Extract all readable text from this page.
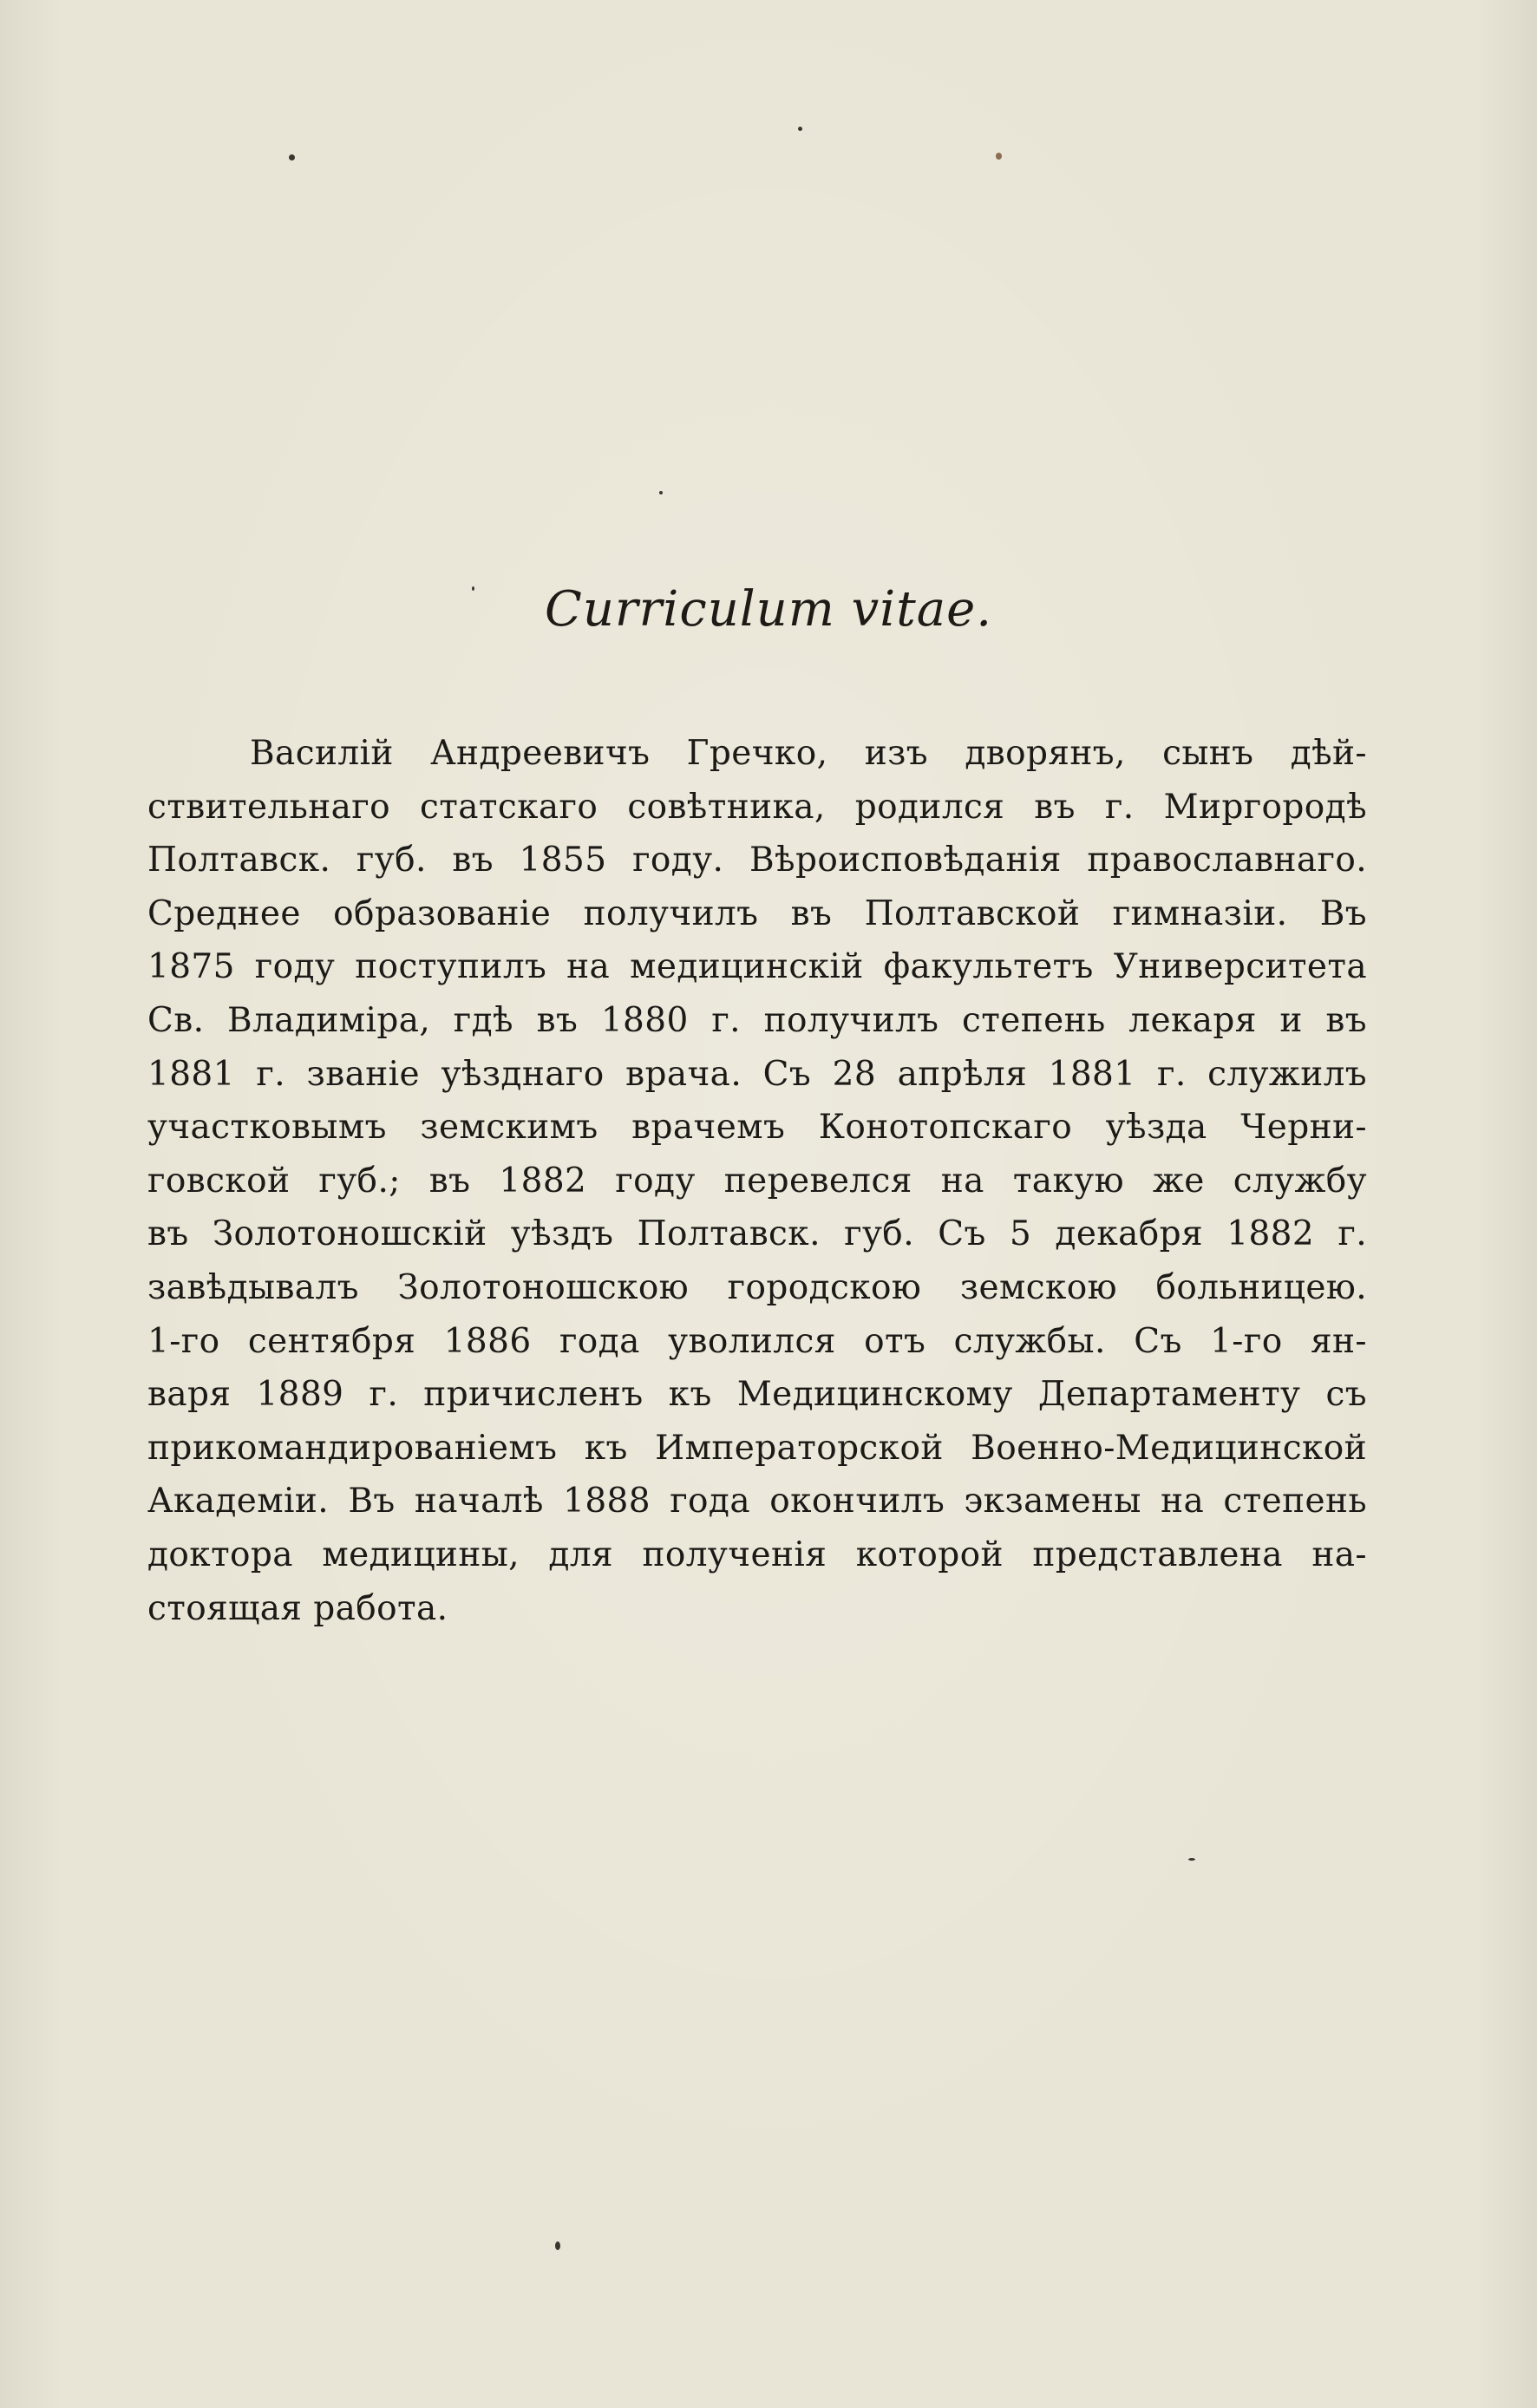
Curriculum vitae.
Василій Андреевичъ Гречко, изъ дворянъ, сынъ дѣй-
ствительнаго статскаго совѣтника, родился въ г. Миргородѣ
Полтавск. губ. въ 1855 году. Вѣроисповѣданія православнаго.
Среднее образованіе получилъ въ Полтавской гимназіи. Въ
1875 году поступилъ на медицинскій факультетъ Университета
Св. Владиміра, гдѣ въ 1880 г. получилъ степень лекаря и въ
1881 г. званіе уѣзднаго врача. Съ 28 апрѣля 1881 г. служилъ
участковымъ земскимъ врачемъ Конотопскаго уѣзда Черни-
говской губ.; въ 1882 году перевелся на такую же службу
въ Золотоношскій уѣздъ Полтавск. губ. Съ 5 декабря 1882 г.
завѣдывалъ Золотоношскою городскою земскою больницею.
1-го сентября 1886 года уволился отъ службы. Съ 1-го ян-
варя 1889 г. причисленъ къ Медицинскому Департаменту съ
прикомандированіемъ къ Императорской Военно-Медицинской
Академіи. Въ началѣ 1888 года окончилъ экзамены на степень
доктора медицины, для полученія которой представлена на-
стоящая работа.
